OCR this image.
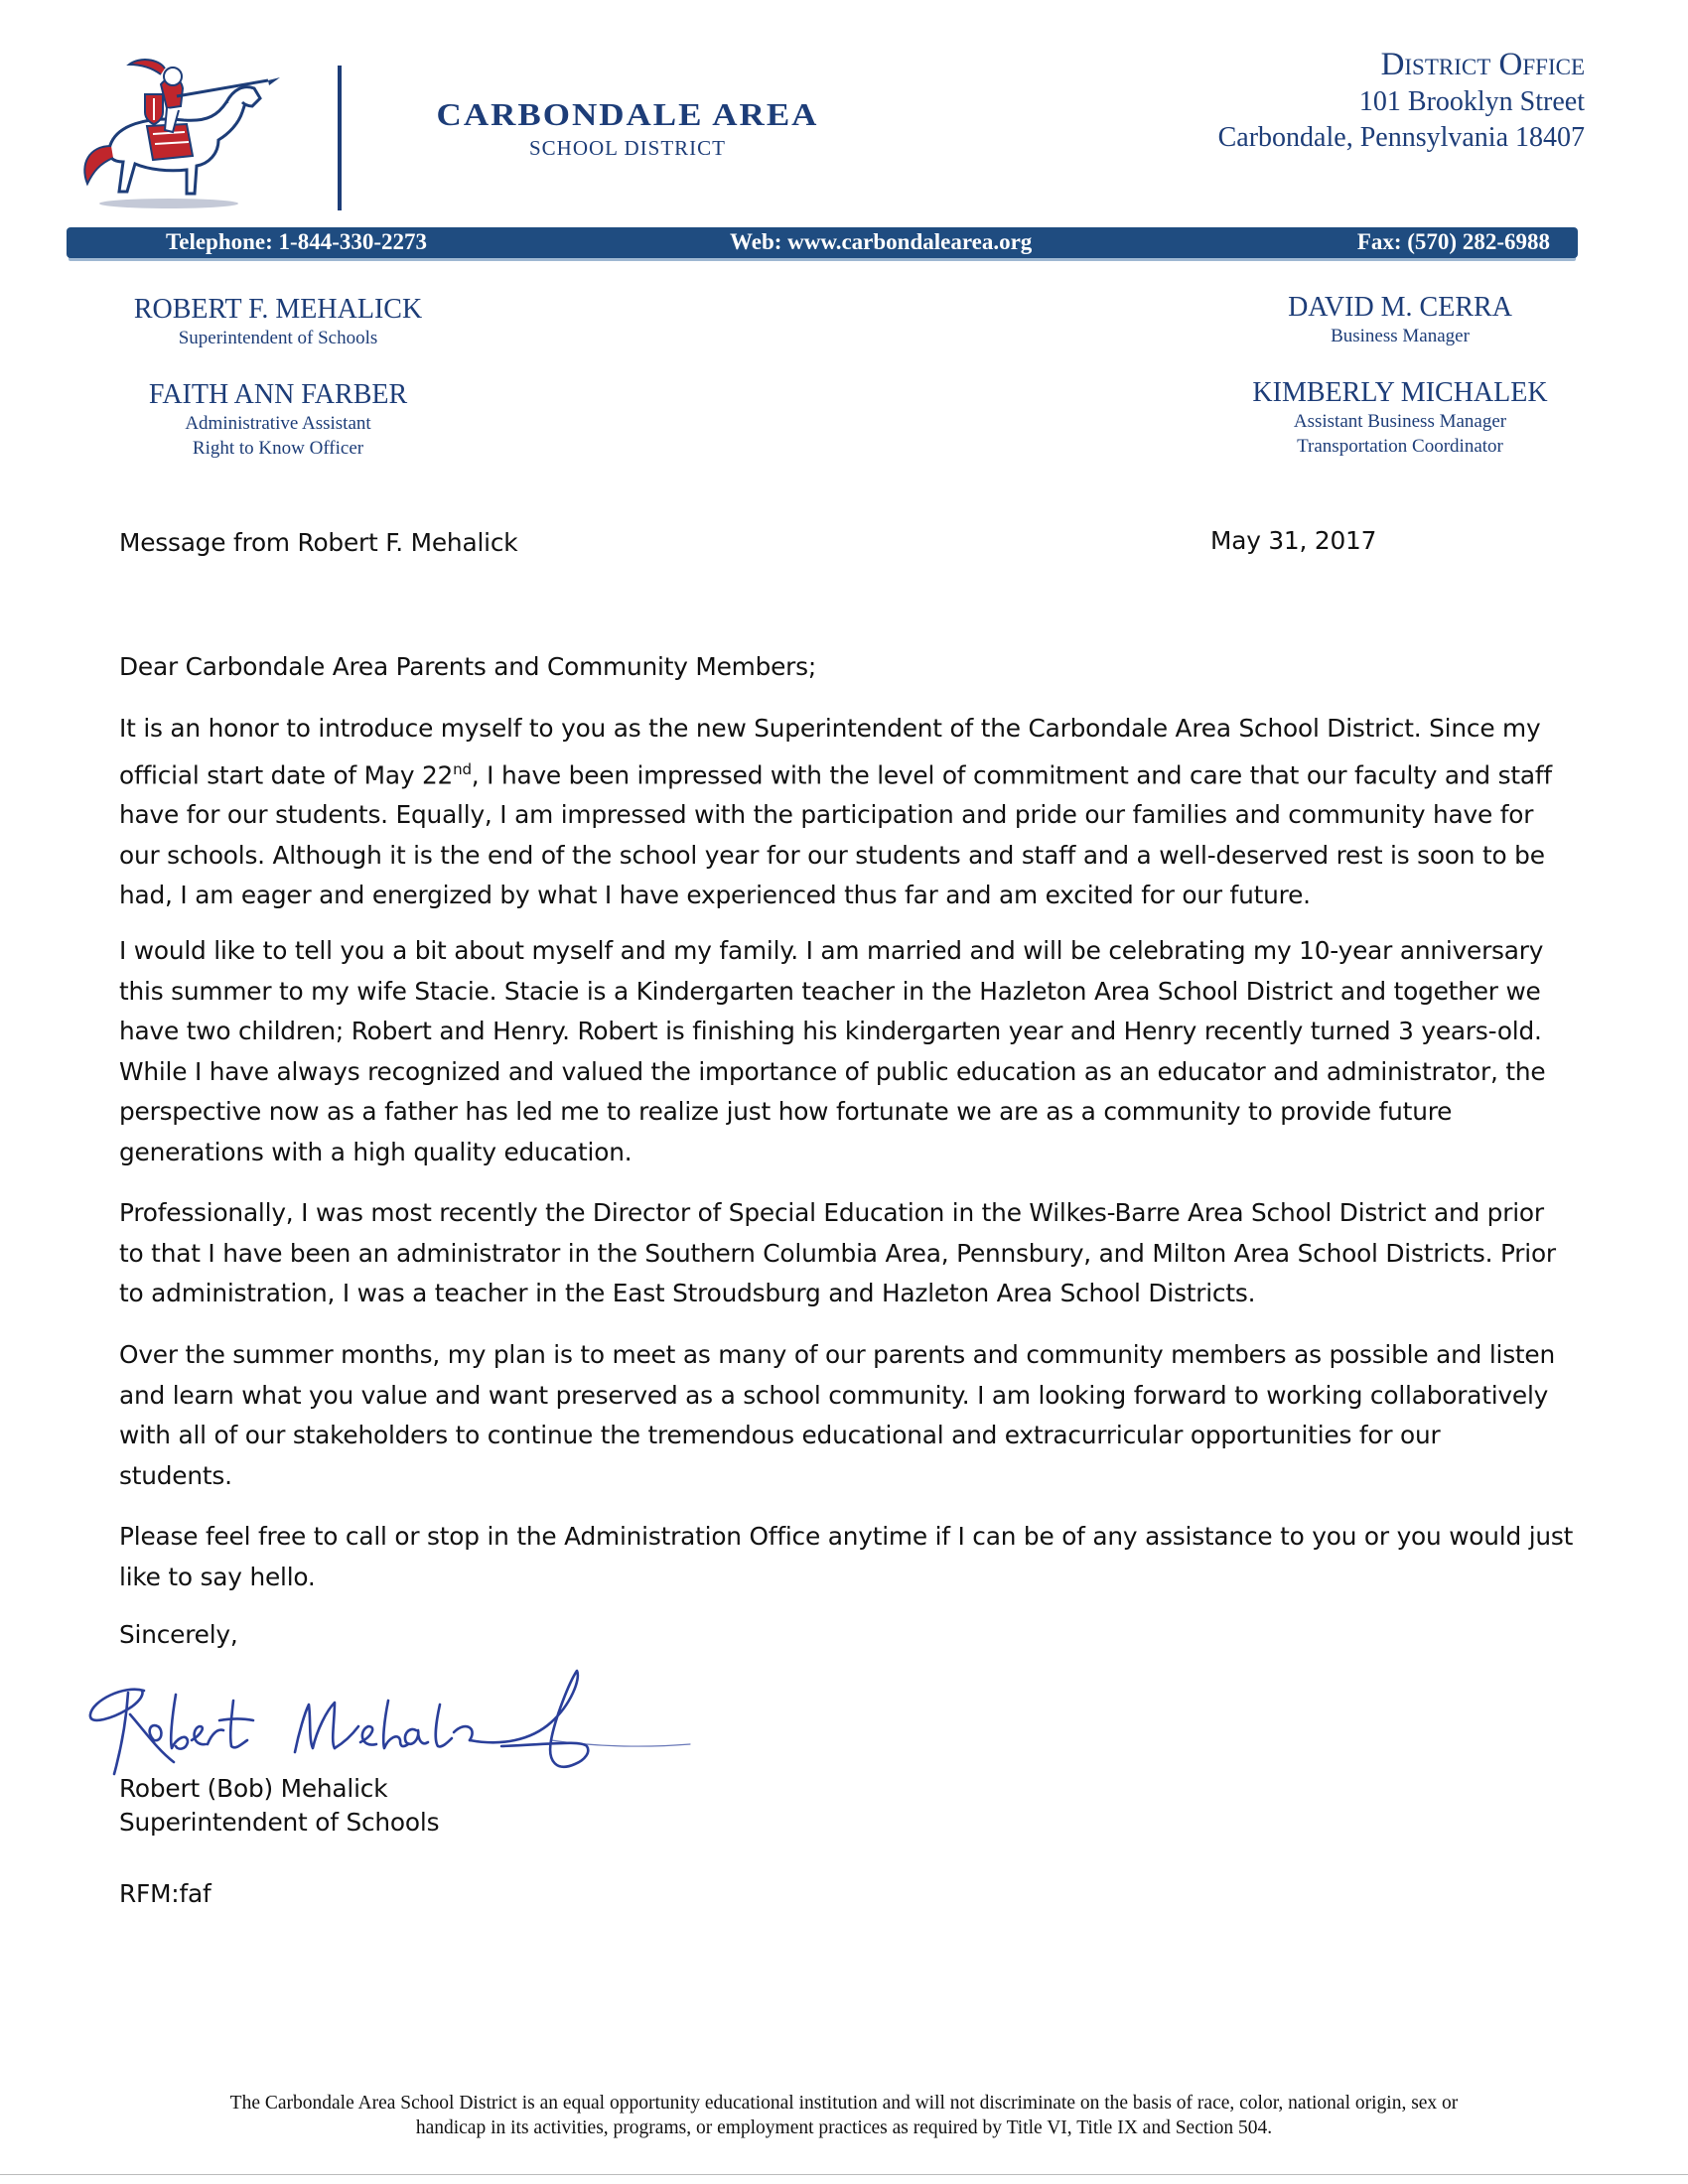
CARBONDALE AREA
SCHOOL DISTRICT
District Office
101 Brooklyn Street
Carbondale, Pennsylvania 18407
Telephone: 1-844-330-2273	Web: www.carbondalearea.org	Fax: (570) 282-6988
ROBERT F. MEHALICK
Superintendent of Schools
FAITH ANN FARBER
Administrative Assistant
Right to Know Officer
DAVID M. CERRA
Business Manager
KIMBERLY MICHALEK
Assistant Business Manager
Transportation Coordinator
Message from Robert F. Mehalick	May 31, 2017
Dear Carbondale Area Parents and Community Members;
It is an honor to introduce myself to you as the new Superintendent of the Carbondale Area School District. Since my
official start date of May 22nd, I have been impressed with the level of commitment and care that our faculty and staff
have for our students. Equally, I am impressed with the participation and pride our families and community have for
our schools. Although it is the end of the school year for our students and staff and a well-deserved rest is soon to be
had, I am eager and energized by what I have experienced thus far and am excited for our future.
I would like to tell you a bit about myself and my family. I am married and will be celebrating my 10-year anniversary
this summer to my wife Stacie. Stacie is a Kindergarten teacher in the Hazleton Area School District and together we
have two children; Robert and Henry. Robert is finishing his kindergarten year and Henry recently turned 3 years-old.
While I have always recognized and valued the importance of public education as an educator and administrator, the
perspective now as a father has led me to realize just how fortunate we are as a community to provide future
generations with a high quality education.
Professionally, I was most recently the Director of Special Education in the Wilkes-Barre Area School District and prior
to that I have been an administrator in the Southern Columbia Area, Pennsbury, and Milton Area School Districts. Prior
to administration, I was a teacher in the East Stroudsburg and Hazleton Area School Districts.
Over the summer months, my plan is to meet as many of our parents and community members as possible and listen
and learn what you value and want preserved as a school community. I am looking forward to working collaboratively
with all of our stakeholders to continue the tremendous educational and extracurricular opportunities for our
students.
Please feel free to call or stop in the Administration Office anytime if I can be of any assistance to you or you would just
like to say hello.
Sincerely,
Robert (Bob) Mehalick
Superintendent of Schools
RFM:faf
The Carbondale Area School District is an equal opportunity educational institution and will not discriminate on the basis of race, color, national origin, sex or
handicap in its activities, programs, or employment practices as required by Title VI, Title IX and Section 504.
